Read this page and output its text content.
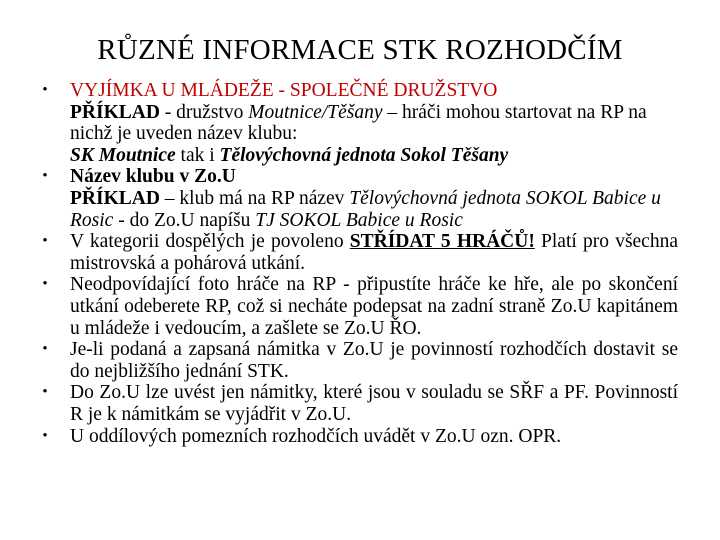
RŮZNÉ INFORMACE STK ROZHODČÍM
• VYJÍMKA U MLÁDEŽE - SPOLEČNÉ DRUŽSTVO
PŘÍKLAD - družstvo Moutnice/Těšany – hráči mohou startovat na RP na nichž je uveden název klubu:
SK Moutnice tak i Tělovýchovná jednota Sokol Těšany
• Název klubu v Zo.U
PŘÍKLAD – klub má na RP název Tělovýchovná jednota SOKOL Babice u Rosic - do Zo.U napíšu TJ SOKOL Babice u Rosic
• V kategorii dospělých je povoleno STŘÍDAT 5 HRÁČŮ! Platí pro všechna mistrovská a pohárová utkání.
• Neodpovídající foto hráče na RP - připustíte hráče ke hře, ale po skončení utkání odeberete RP, což si necháte podepsat na zadní straně Zo.U kapitánem u mládeže i vedoucím, a zašlete se Zo.U ŘO.
• Je-li podaná a zapsaná námitka v Zo.U je povinností rozhodčích dostavit se do nejbližšího jednání STK.
• Do Zo.U lze uvést jen námitky, které jsou v souladu se SŘF a PF. Povinností R je k námitkám se vyjádřit v Zo.U.
• U oddílových pomezních rozhodčích uvádět v Zo.U ozn. OPR.
